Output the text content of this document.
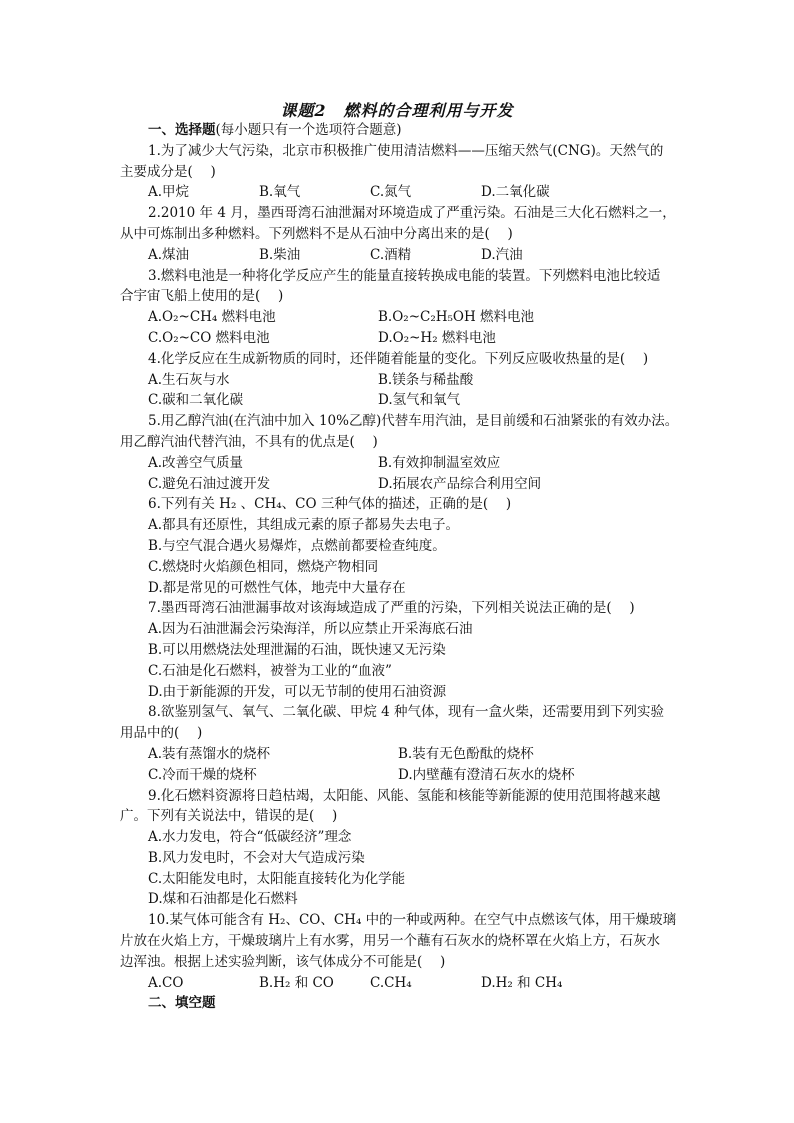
课题2　燃料的合理利用与开发
一、选择题(每小题只有一个选项符合题意)
1.为了减少大气污染，北京市积极推广使用清洁燃料——压缩天然气(CNG)。天然气的
主要成分是(　 )
A.甲烷	B.氧气	C.氮气	D.二氧化碳
2.2010 年 4 月，墨西哥湾石油泄漏对环境造成了严重污染。石油是三大化石燃料之一，
从中可炼制出多种燃料。下列燃料不是从石油中分离出来的是(　 )
A.煤油	B.柴油	C.酒精	D.汽油
3.燃料电池是一种将化学反应产生的能量直接转换成电能的装置。下列燃料电池比较适
合宇宙飞船上使用的是(　 )
A.O₂~CH₄ 燃料电池	B.O₂~C₂H₅OH 燃料电池
C.O₂~CO 燃料电池	D.O₂~H₂ 燃料电池
4.化学反应在生成新物质的同时，还伴随着能量的变化。下列反应吸收热量的是(　 )
A.生石灰与水	B.镁条与稀盐酸
C.碳和二氧化碳	D.氢气和氧气
5.用乙醇汽油(在汽油中加入 10%乙醇)代替车用汽油，是目前缓和石油紧张的有效办法。
用乙醇汽油代替汽油，不具有的优点是(　 )
A.改善空气质量	B.有效抑制温室效应
C.避免石油过渡开发	D.拓展农产品综合利用空间
6.下列有关 H₂ 、CH₄、CO 三种气体的描述，正确的是(　 )
A.都具有还原性，其组成元素的原子都易失去电子。
B.与空气混合遇火易爆炸，点燃前都要检查纯度。
C.燃烧时火焰颜色相同，燃烧产物相同
D.都是常见的可燃性气体，地壳中大量存在
7.墨西哥湾石油泄漏事故对该海域造成了严重的污染，下列相关说法正确的是(　 )
A.因为石油泄漏会污染海洋，所以应禁止开采海底石油
B.可以用燃烧法处理泄漏的石油，既快速又无污染
C.石油是化石燃料，被誉为工业的“血液”
D.由于新能源的开发，可以无节制的使用石油资源
8.欲鉴别氢气、氧气、二氧化碳、甲烷 4 种气体，现有一盒火柴，还需要用到下列实验
用品中的(　 )
A.装有蒸馏水的烧杯	B.装有无色酚酞的烧杯
C.冷而干燥的烧杯	D.内壁蘸有澄清石灰水的烧杯
9.化石燃料资源将日趋枯竭，太阳能、风能、氢能和核能等新能源的使用范围将越来越
广。下列有关说法中，错误的是(　 )
A.水力发电，符合“低碳经济”理念
B.风力发电时，不会对大气造成污染
C.太阳能发电时，太阳能直接转化为化学能
D.煤和石油都是化石燃料
10.某气体可能含有 H₂、CO、CH₄ 中的一种或两种。在空气中点燃该气体，用干燥玻璃
片放在火焰上方，干燥玻璃片上有水雾，用另一个蘸有石灰水的烧杯罩在火焰上方，石灰水
边浑浊。根据上述实验判断，该气体成分不可能是(　 )
A.CO	B.H₂ 和 CO	C.CH₄	D.H₂ 和 CH₄
二、填空题
